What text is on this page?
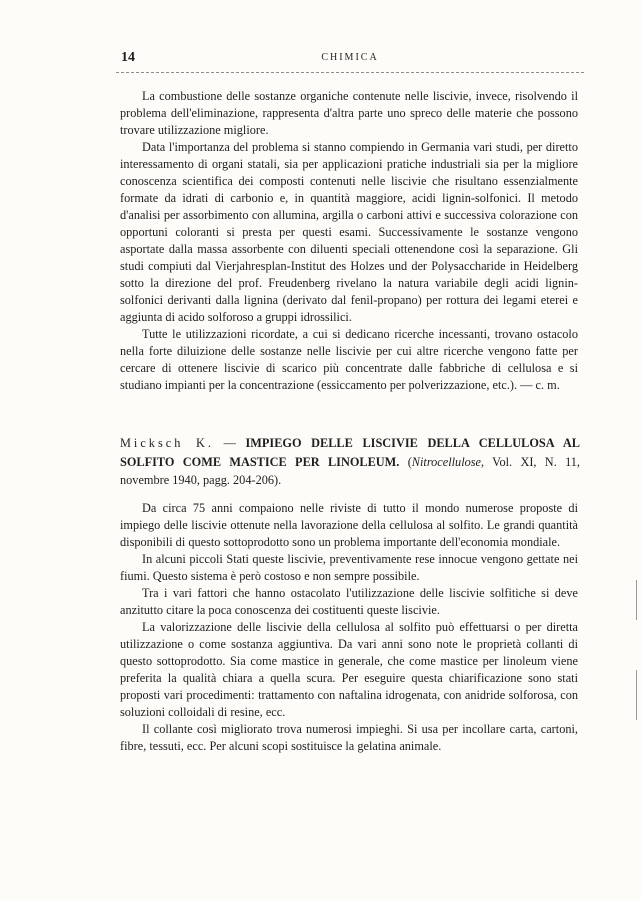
14	CHIMICA

La combustione delle sostanze organiche contenute nelle liscivie, invece, risolvendo il problema dell'eliminazione, rappresenta d'altra parte uno spreco delle materie che possono trovare utilizzazione migliore.

Data l'importanza del problema si stanno compiendo in Germania vari studi, per diretto interessamento di organi statali, sia per applicazioni pratiche industriali sia per la migliore conoscenza scientifica dei composti contenuti nelle liscivie che risultano essenzialmente formate da idrati di carbonio e, in quantità maggiore, acidi lignin-solfonici. Il metodo d'analisi per assorbimento con allumina, argilla o carboni attivi e successiva colorazione con opportuni coloranti si presta per questi esami. Successivamente le sostanze vengono asportate dalla massa assorbente con diluenti speciali ottenendone così la separazione. Gli studi compiuti dal Vierjahresplan-Institut des Holzes und der Polysaccharide in Heidelberg sotto la direzione del prof. Freudenberg rivelano la natura variabile degli acidi lignin-solfonici derivanti dalla lignina (derivato dal fenil-propano) per rottura dei legami eterei e aggiunta di acido solforoso a gruppi idrossilici.

Tutte le utilizzazioni ricordate, a cui si dedicano ricerche incessanti, trovano ostacolo nella forte diluizione delle sostanze nelle liscivie per cui altre ricerche vengono fatte per cercare di ottenere liscivie di scarico più concentrate dalle fabbriche di cellulosa e si studiano impianti per la concentrazione (essiccamento per polverizzazione, etc.). — c. m.

Micksch K. — IMPIEGO DELLE LISCIVIE DELLA CELLULOSA AL SOLFITO COME MASTICE PER LINOLEUM. (Nitrocellulose, Vol. XI, N. 11, novembre 1940, pagg. 204-206).

Da circa 75 anni compaiono nelle riviste di tutto il mondo numerose proposte di impiego delle liscivie ottenute nella lavorazione della cellulosa al solfito. Le grandi quantità disponibili di questo sottoprodotto sono un problema importante dell'economia mondiale.

In alcuni piccoli Stati queste liscivie, preventivamente rese innocue vengono gettate nei fiumi. Questo sistema è però costoso e non sempre possibile.

Tra i vari fattori che hanno ostacolato l'utilizzazione delle liscivie solfitiche si deve anzitutto citare la poca conoscenza dei costituenti queste liscivie.

La valorizzazione delle liscivie della cellulosa al solfito può effettuarsi o per diretta utilizzazione o come sostanza aggiuntiva. Da vari anni sono note le proprietà collanti di questo sottoprodotto. Sia come mastice in generale, che come mastice per linoleum viene preferita la qualità chiara a quella scura. Per eseguire questa chiarificazione sono stati proposti vari procedimenti: trattamento con naftalina idrogenata, con anidride solforosa, con soluzioni colloidali di resine, ecc.

Il collante così migliorato trova numerosi impieghi. Si usa per incollare carta, cartoni, fibre, tessuti, ecc. Per alcuni scopi sostituisce la gelatina animale.
